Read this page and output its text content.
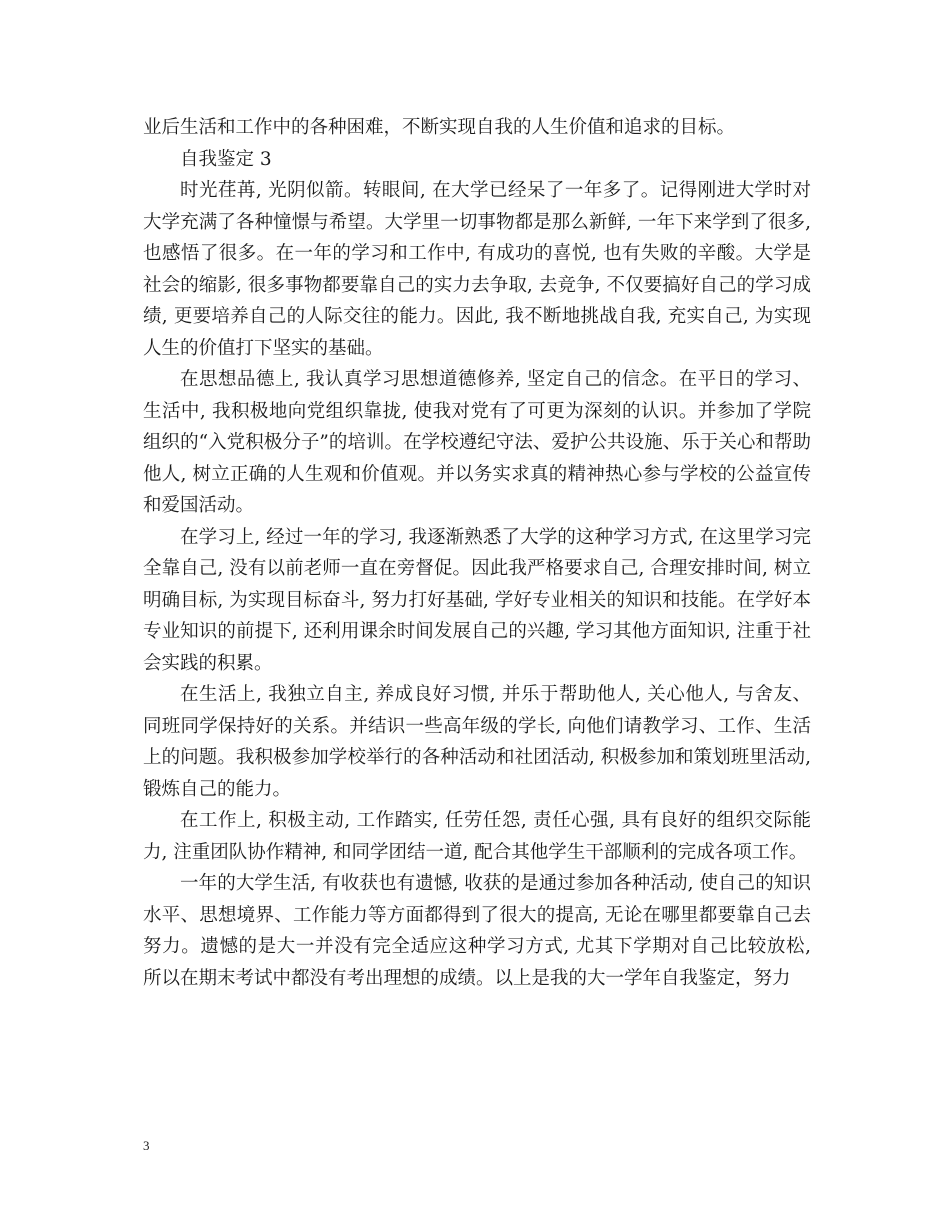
业后生活和工作中的各种困难，不断实现自我的人生价值和追求的目标。

自我鉴定 3

时光荏苒, 光阴似箭。转眼间, 在大学已经呆了一年多了。记得刚进大学时对大学充满了各种憧憬与希望。大学里一切事物都是那么新鲜, 一年下来学到了很多, 也感悟了很多。在一年的学习和工作中, 有成功的喜悦, 也有失败的辛酸。大学是社会的缩影, 很多事物都要靠自己的实力去争取, 去竞争, 不仅要搞好自己的学习成绩, 更要培养自己的人际交往的能力。因此, 我不断地挑战自我, 充实自己, 为实现人生的价值打下坚实的基础。

在思想品德上, 我认真学习思想道德修养, 坚定自己的信念。在平日的学习、生活中, 我积极地向党组织靠拢, 使我对党有了可更为深刻的认识。并参加了学院组织的“入党积极分子”的培训。在学校遵纪守法、爱护公共设施、乐于关心和帮助他人, 树立正确的人生观和价值观。并以务实求真的精神热心参与学校的公益宣传和爱国活动。

在学习上, 经过一年的学习, 我逐渐熟悉了大学的这种学习方式, 在这里学习完全靠自己, 没有以前老师一直在旁督促。因此我严格要求自己, 合理安排时间, 树立明确目标, 为实现目标奋斗, 努力打好基础, 学好专业相关的知识和技能。在学好本专业知识的前提下, 还利用课余时间发展自己的兴趣, 学习其他方面知识, 注重于社会实践的积累。

在生活上, 我独立自主, 养成良好习惯, 并乐于帮助他人, 关心他人, 与舍友、同班同学保持好的关系。并结识一些高年级的学长, 向他们请教学习、工作、生活上的问题。我积极参加学校举行的各种活动和社团活动, 积极参加和策划班里活动, 锻炼自己的能力。

在工作上, 积极主动, 工作踏实, 任劳任怨, 责任心强, 具有良好的组织交际能力, 注重团队协作精神, 和同学团结一道, 配合其他学生干部顺利的完成各项工作。

一年的大学生活, 有收获也有遗憾, 收获的是通过参加各种活动, 使自己的知识水平、思想境界、工作能力等方面都得到了很大的提高, 无论在哪里都要靠自己去努力。遗憾的是大一并没有完全适应这种学习方式, 尤其下学期对自己比较放松, 所以在期末考试中都没有考出理想的成绩。以上是我的大一学年自我鉴定，努力

3
